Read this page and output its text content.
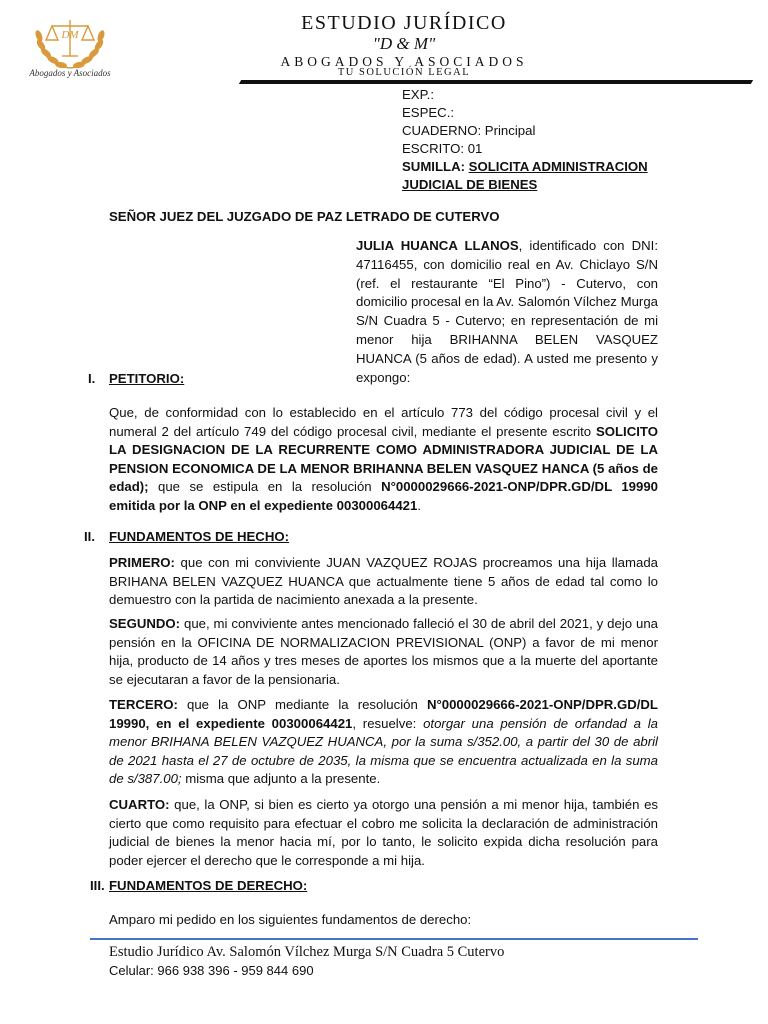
DM
Abogados y Asociados
ESTUDIO JURÍDICO
"D & M"
ABOGADOS Y ASOCIADOS
TU SOLUCIÓN LEGAL
EXP.:
ESPEC.:
CUADERNO: Principal
ESCRITO: 01
SUMILLA: SOLICITA ADMINISTRACION
JUDICIAL DE BIENES
SEÑOR JUEZ DEL JUZGADO DE PAZ LETRADO DE CUTERVO

JULIA HUANCA LLANOS, identificado con DNI: 47116455, con domicilio real en Av. Chiclayo S/N (ref. el restaurante “El Pino”) - Cutervo, con domicilio procesal en la Av. Salomón Vílchez Murga S/N Cuadra 5 - Cutervo; en representación de mi menor hija BRIHANNA BELEN VASQUEZ HUANCA (5 años de edad). A usted me presento y expongo:

I. PETITORIO:

Que, de conformidad con lo establecido en el artículo 773 del código procesal civil y el numeral 2 del artículo 749 del código procesal civil, mediante el presente escrito SOLICITO LA DESIGNACION DE LA RECURRENTE COMO ADMINISTRADORA JUDICIAL DE LA PENSION ECONOMICA DE LA MENOR BRIHANNA BELEN VASQUEZ HANCA (5 años de edad); que se estipula en la resolución N°0000029666-2021-ONP/DPR.GD/DL 19990 emitida por la ONP en el expediente 00300064421.

II. FUNDAMENTOS DE HECHO:

PRIMERO: que con mi conviviente JUAN VAZQUEZ ROJAS procreamos una hija llamada BRIHANA BELEN VAZQUEZ HUANCA que actualmente tiene 5 años de edad tal como lo demuestro con la partida de nacimiento anexada a la presente.

SEGUNDO: que, mi conviviente antes mencionado falleció el 30 de abril del 2021, y dejo una pensión en la OFICINA DE NORMALIZACION PREVISIONAL (ONP) a favor de mi menor hija, producto de 14 años y tres meses de aportes los mismos que a la muerte del aportante se ejecutaran a favor de la pensionaria.

TERCERO: que la ONP mediante la resolución N°0000029666-2021-ONP/DPR.GD/DL 19990, en el expediente 00300064421, resuelve: otorgar una pensión de orfandad a la menor BRIHANA BELEN VAZQUEZ HUANCA, por la suma s/352.00, a partir del 30 de abril de 2021 hasta el 27 de octubre de 2035, la misma que se encuentra actualizada en la suma de s/387.00; misma que adjunto a la presente.

CUARTO: que, la ONP, si bien es cierto ya otorgo una pensión a mi menor hija, también es cierto que como requisito para efectuar el cobro me solicita la declaración de administración judicial de bienes la menor hacia mí, por lo tanto, le solicito expida dicha resolución para poder ejercer el derecho que le corresponde a mi hija.

III. FUNDAMENTOS DE DERECHO:
Amparo mi pedido en los siguientes fundamentos de derecho:
Estudio Jurídico Av. Salomón Vílchez Murga S/N Cuadra 5 Cutervo
Celular: 966 938 396 - 959 844 690
